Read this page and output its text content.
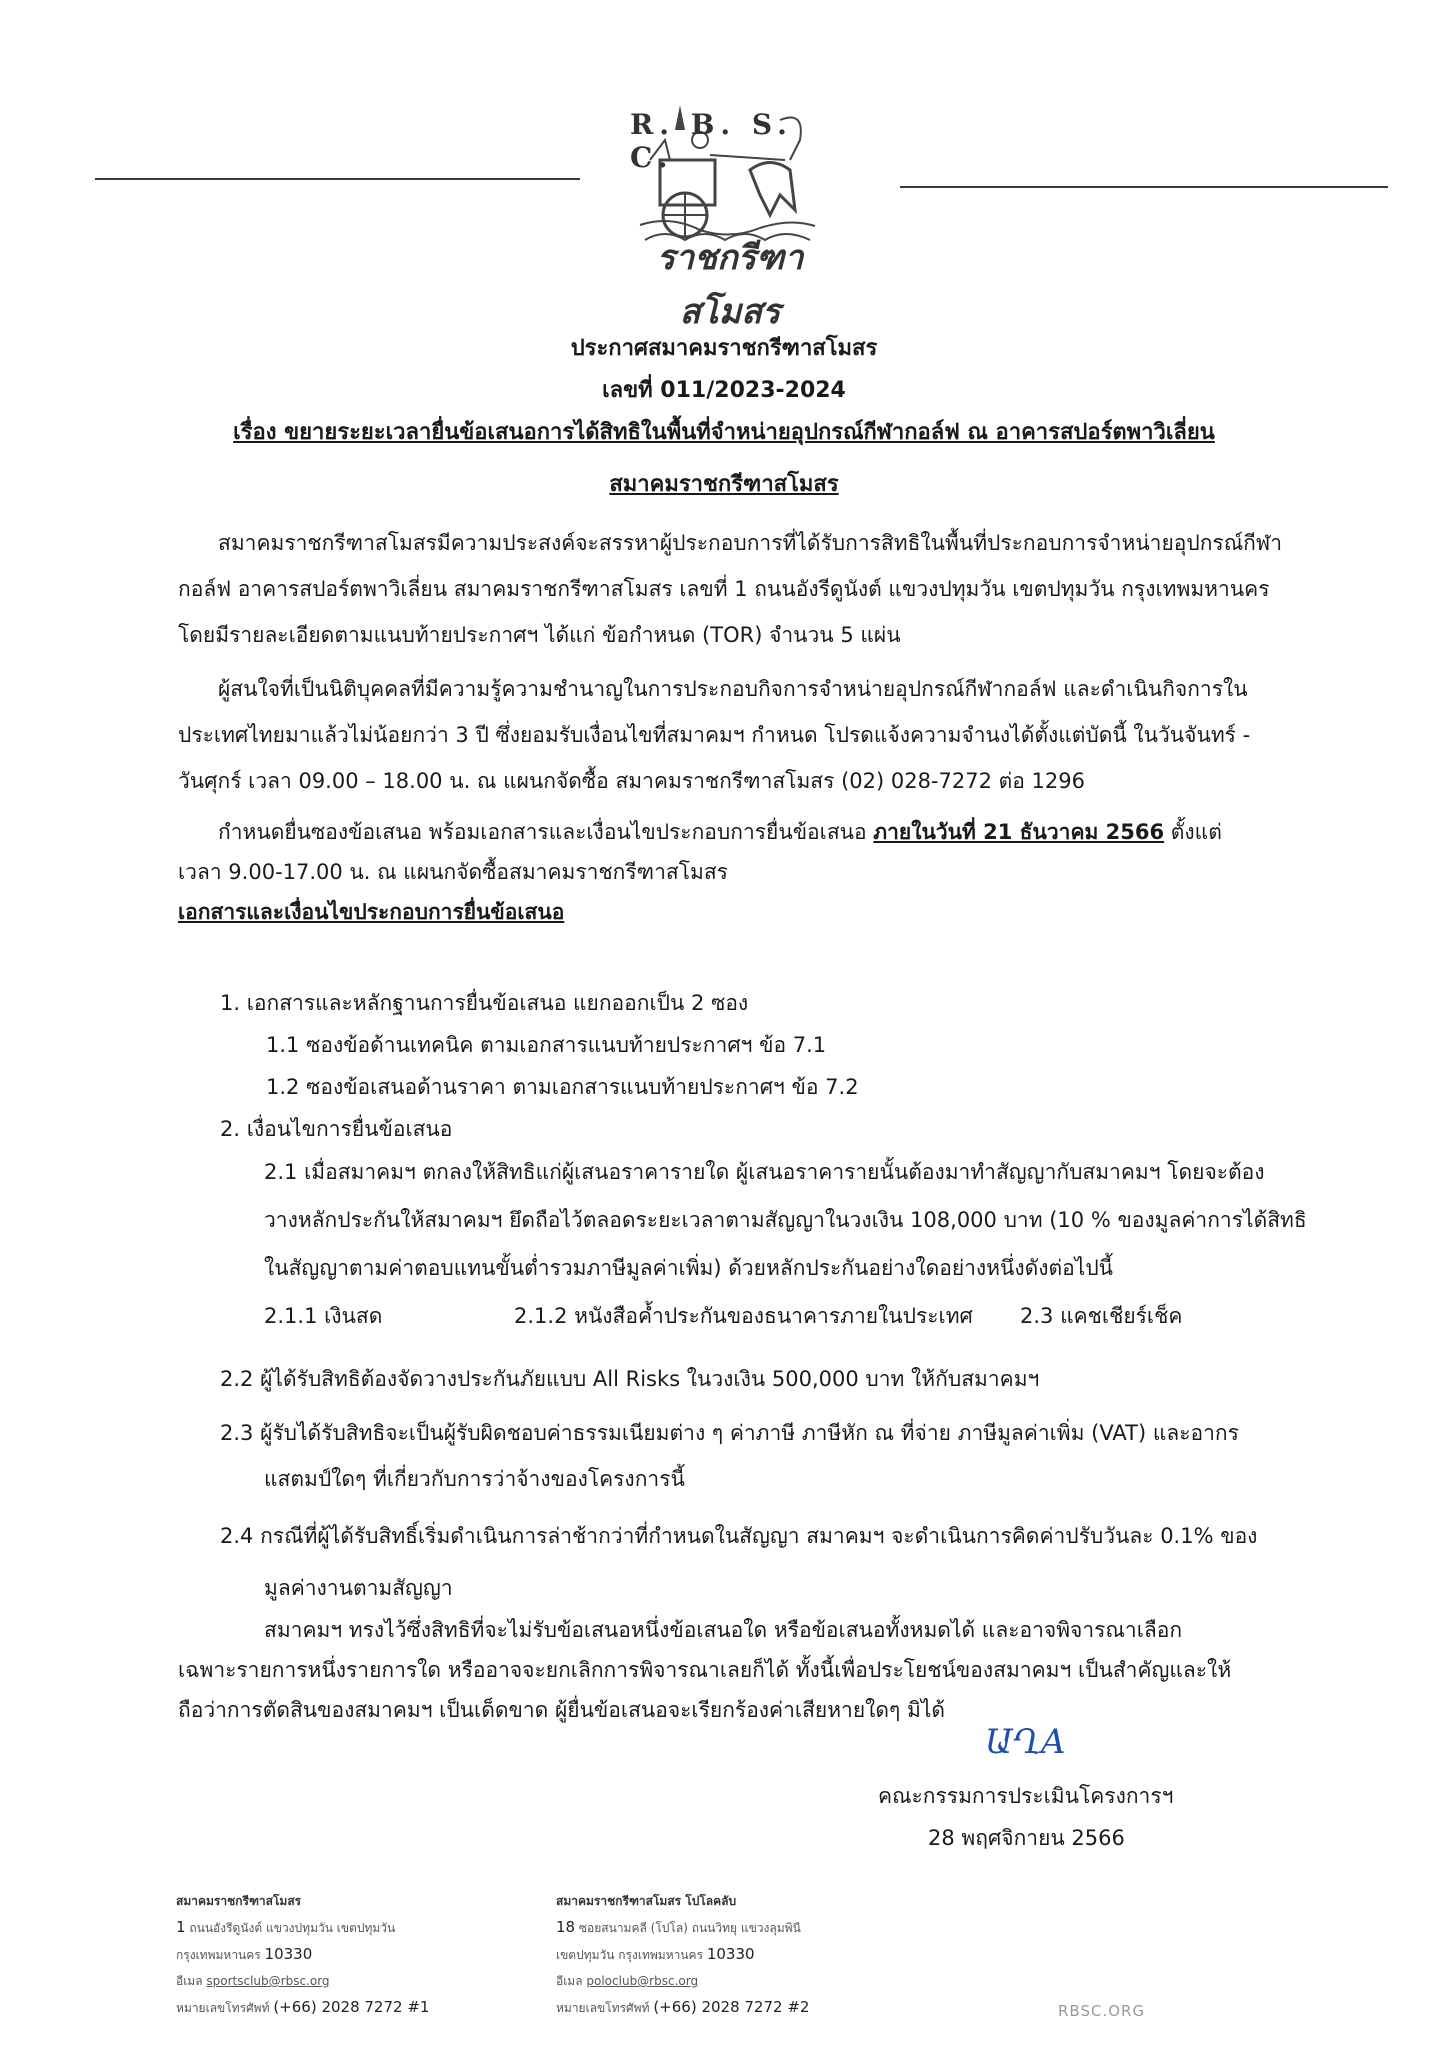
R. B. S. C.
ราชกรีฑาสโมสร
ประกาศสมาคมราชกรีฑาสโมสร
เลขที่ 011/2023-2024
เรื่อง ขยายระยะเวลายื่นข้อเสนอการได้สิทธิในพื้นที่จำหน่ายอุปกรณ์กีฬากอล์ฟ ณ อาคารสปอร์ตพาวิเลี่ยน
สมาคมราชกรีฑาสโมสร
สมาคมราชกรีฑาสโมสรมีความประสงค์จะสรรหาผู้ประกอบการที่ได้รับการสิทธิในพื้นที่ประกอบการจำหน่ายอุปกรณ์กีฬา
กอล์ฟ อาคารสปอร์ตพาวิเลี่ยน สมาคมราชกรีฑาสโมสร เลขที่ 1 ถนนอังรีดูนังต์ แขวงปทุมวัน เขตปทุมวัน กรุงเทพมหานคร
โดยมีรายละเอียดตามแนบท้ายประกาศฯ ได้แก่ ข้อกำหนด (TOR) จำนวน 5 แผ่น
ผู้สนใจที่เป็นนิติบุคคลที่มีความรู้ความชำนาญในการประกอบกิจการจำหน่ายอุปกรณ์กีฬากอล์ฟ และดำเนินกิจการใน
ประเทศไทยมาแล้วไม่น้อยกว่า 3 ปี ซึ่งยอมรับเงื่อนไขที่สมาคมฯ กำหนด โปรดแจ้งความจำนงได้ตั้งแต่บัดนี้ ในวันจันทร์ -
วันศุกร์ เวลา 09.00 – 18.00 น. ณ แผนกจัดซื้อ สมาคมราชกรีฑาสโมสร (02) 028-7272 ต่อ 1296
กำหนดยื่นซองข้อเสนอ พร้อมเอกสารและเงื่อนไขประกอบการยื่นข้อเสนอ ภายในวันที่ 21 ธันวาคม 2566 ตั้งแต่
เวลา 9.00-17.00 น. ณ แผนกจัดซื้อสมาคมราชกรีฑาสโมสร
เอกสารและเงื่อนไขประกอบการยื่นข้อเสนอ
1. เอกสารและหลักฐานการยื่นข้อเสนอ แยกออกเป็น 2 ซอง
1.1 ซองข้อด้านเทคนิค ตามเอกสารแนบท้ายประกาศฯ ข้อ 7.1
1.2 ซองข้อเสนอด้านราคา ตามเอกสารแนบท้ายประกาศฯ ข้อ 7.2
2. เงื่อนไขการยื่นข้อเสนอ
2.1 เมื่อสมาคมฯ ตกลงให้สิทธิแก่ผู้เสนอราคารายใด ผู้เสนอราคารายนั้นต้องมาทำสัญญากับสมาคมฯ โดยจะต้อง
วางหลักประกันให้สมาคมฯ ยึดถือไว้ตลอดระยะเวลาตามสัญญาในวงเงิน 108,000 บาท (10 % ของมูลค่าการได้สิทธิ
ในสัญญาตามค่าตอบแทนขั้นต่ำรวมภาษีมูลค่าเพิ่ม) ด้วยหลักประกันอย่างใดอย่างหนึ่งดังต่อไปนี้
2.1.1 เงินสด	2.1.2 หนังสือค้ำประกันของธนาคารภายในประเทศ 2.3 แคชเชียร์เช็ค
2.2 ผู้ได้รับสิทธิต้องจัดวางประกันภัยแบบ All Risks ในวงเงิน 500,000 บาท ให้กับสมาคมฯ
2.3 ผู้รับได้รับสิทธิจะเป็นผู้รับผิดชอบค่าธรรมเนียมต่าง ๆ ค่าภาษี ภาษีหัก ณ ที่จ่าย ภาษีมูลค่าเพิ่ม (VAT) และอากร
แสตมป์ใดๆ ที่เกี่ยวกับการว่าจ้างของโครงการนี้
2.4 กรณีที่ผู้ได้รับสิทธิ์เริ่มดำเนินการล่าช้ากว่าที่กำหนดในสัญญา สมาคมฯ จะดำเนินการคิดค่าปรับวันละ 0.1% ของ
มูลค่างานตามสัญญา
สมาคมฯ ทรงไว้ซึ่งสิทธิที่จะไม่รับข้อเสนอหนึ่งข้อเสนอใด หรือข้อเสนอทั้งหมดได้ และอาจพิจารณาเลือก
เฉพาะรายการหนึ่งรายการใด หรืออาจจะยกเลิกการพิจารณาเลยก็ได้ ทั้งนี้เพื่อประโยชน์ของสมาคมฯ เป็นสำคัญและให้
ถือว่าการตัดสินของสมาคมฯ เป็นเด็ดขาด ผู้ยื่นข้อเสนอจะเรียกร้องค่าเสียหายใดๆ มิได้
ԱՂA
คณะกรรมการประเมินโครงการฯ
28 พฤศจิกายน 2566
สมาคมราชกรีฑาสโมสร
1 ถนนอังรีดูนังต์ แขวงปทุมวัน เขตปทุมวัน
กรุงเทพมหานคร 10330
อีเมล sportsclub@rbsc.org
หมายเลขโทรศัพท์ (+66) 2028 7272 #1
สมาคมราชกรีฑาสโมสร โปโลคลับ
18 ซอยสนามคลี (โปโล) ถนนวิทยุ แขวงลุมพินี
เขตปทุมวัน กรุงเทพมหานคร 10330
อีเมล poloclub@rbsc.org
หมายเลขโทรศัพท์ (+66) 2028 7272 #2	RBSC.ORG
